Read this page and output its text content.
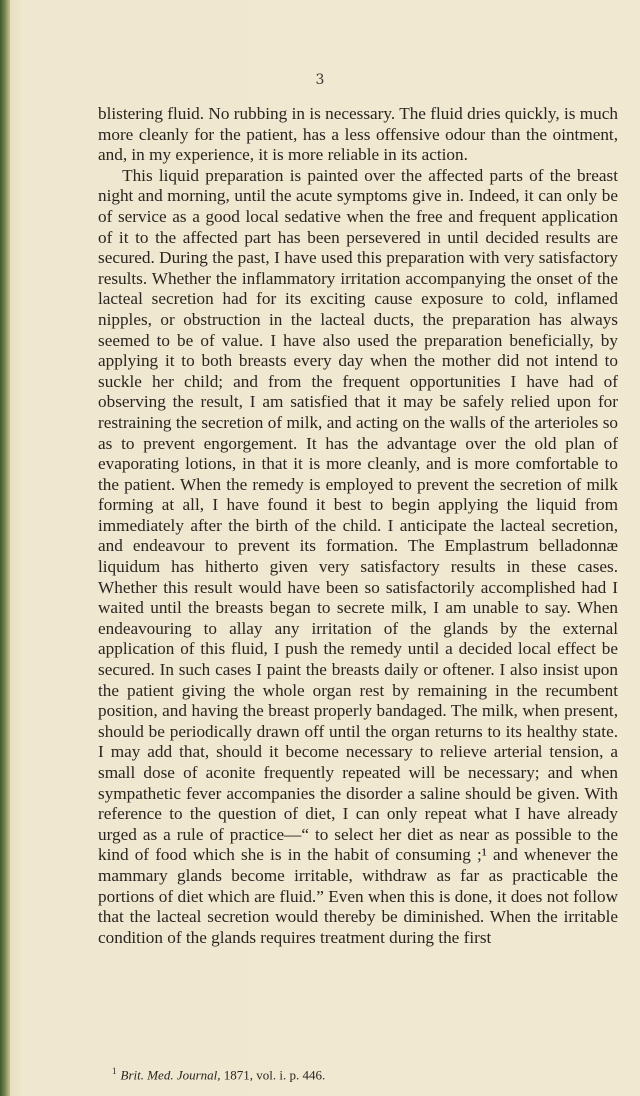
3

blistering fluid. No rubbing in is necessary. The fluid dries quickly, is much more cleanly for the patient, has a less offensive odour than the ointment, and, in my experience, it is more reliable in its action.

This liquid preparation is painted over the affected parts of the breast night and morning, until the acute symptoms give in. Indeed, it can only be of service as a good local sedative when the free and frequent application of it to the affected part has been persevered in until decided results are secured. During the past, I have used this preparation with very satisfactory results. Whether the inflammatory irritation accompanying the onset of the lacteal secretion had for its exciting cause exposure to cold, inflamed nipples, or obstruction in the lacteal ducts, the preparation has always seemed to be of value. I have also used the preparation beneficially, by applying it to both breasts every day when the mother did not intend to suckle her child; and from the frequent opportunities I have had of observing the result, I am satisfied that it may be safely relied upon for restraining the secretion of milk, and acting on the walls of the arterioles so as to prevent engorgement. It has the advantage over the old plan of evaporating lotions, in that it is more cleanly, and is more comfortable to the patient. When the remedy is employed to prevent the secretion of milk forming at all, I have found it best to begin applying the liquid from immediately after the birth of the child. I anticipate the lacteal secretion, and endeavour to prevent its formation. The Emplastrum belladonnæ liquidum has hitherto given very satisfactory results in these cases. Whether this result would have been so satisfactorily accomplished had I waited until the breasts began to secrete milk, I am unable to say. When endeavouring to allay any irritation of the glands by the external application of this fluid, I push the remedy until a decided local effect be secured. In such cases I paint the breasts daily or oftener. I also insist upon the patient giving the whole organ rest by remaining in the recumbent position, and having the breast properly bandaged. The milk, when present, should be periodically drawn off until the organ returns to its healthy state. I may add that, should it become necessary to relieve arterial tension, a small dose of aconite frequently repeated will be necessary; and when sympathetic fever accompanies the disorder a saline should be given. With reference to the question of diet, I can only repeat what I have already urged as a rule of practice—“ to select her diet as near as possible to the kind of food which she is in the habit of consuming ;¹ and whenever the mammary glands become irritable, withdraw as far as practicable the portions of diet which are fluid.” Even when this is done, it does not follow that the lacteal secretion would thereby be diminished. When the irritable condition of the glands requires treatment during the first

$^1$ Brit. Med. Journal, 1871, vol. i. p. 446.
